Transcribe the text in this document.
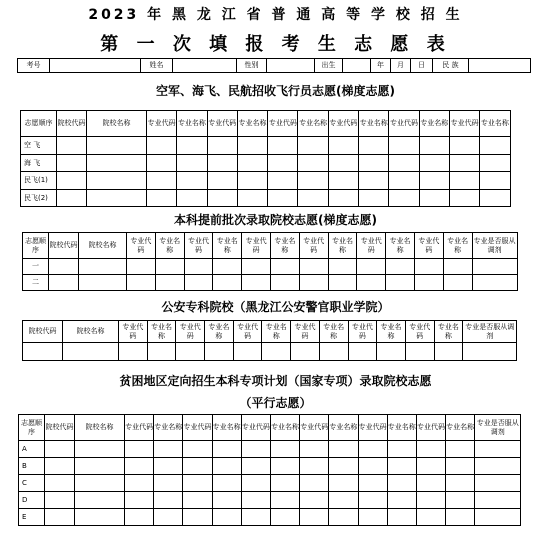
2023 年 黑 龙 江 省 普 通 高 等 学 校 招 生
第 一 次 填 报 考 生 志 愿 表
考号		姓名		性别		出生		年	月	日	民 族	
空军、海飞、民航招收飞行员志愿(梯度志愿)
志愿顺序	院校代码	院校名称	专业代码	专业名称	专业代码	专业名称	专业代码	专业名称	专业代码	专业名称	专业代码	专业名称	专业代码	专业名称
空 飞														
海 飞														
民飞(1)														
民飞(2)														
本科提前批次录取院校志愿(梯度志愿)
志愿顺序	院校代码	院校名称	专业代码	专业名称	专业代码	专业名称	专业代码	专业名称	专业代码	专业名称	专业代码	专业名称	专业代码	专业名称	专业是否服从调剂
一															
二															
公安专科院校（黑龙江公安警官职业学院）
院校代码	院校名称	专业代码	专业名称	专业代码	专业名称	专业代码	专业名称	专业代码	专业名称	专业代码	专业名称	专业代码	专业名称	专业是否服从调剂

贫困地区定向招生本科专项计划（国家专项）录取院校志愿
（平行志愿）
志愿顺序	院校代码	院校名称	专业代码	专业名称	专业代码	专业名称	专业代码	专业名称	专业代码	专业名称	专业代码	专业名称	专业代码	专业名称	专业是否服从调剂
A															
B															
C															
D															
E															
